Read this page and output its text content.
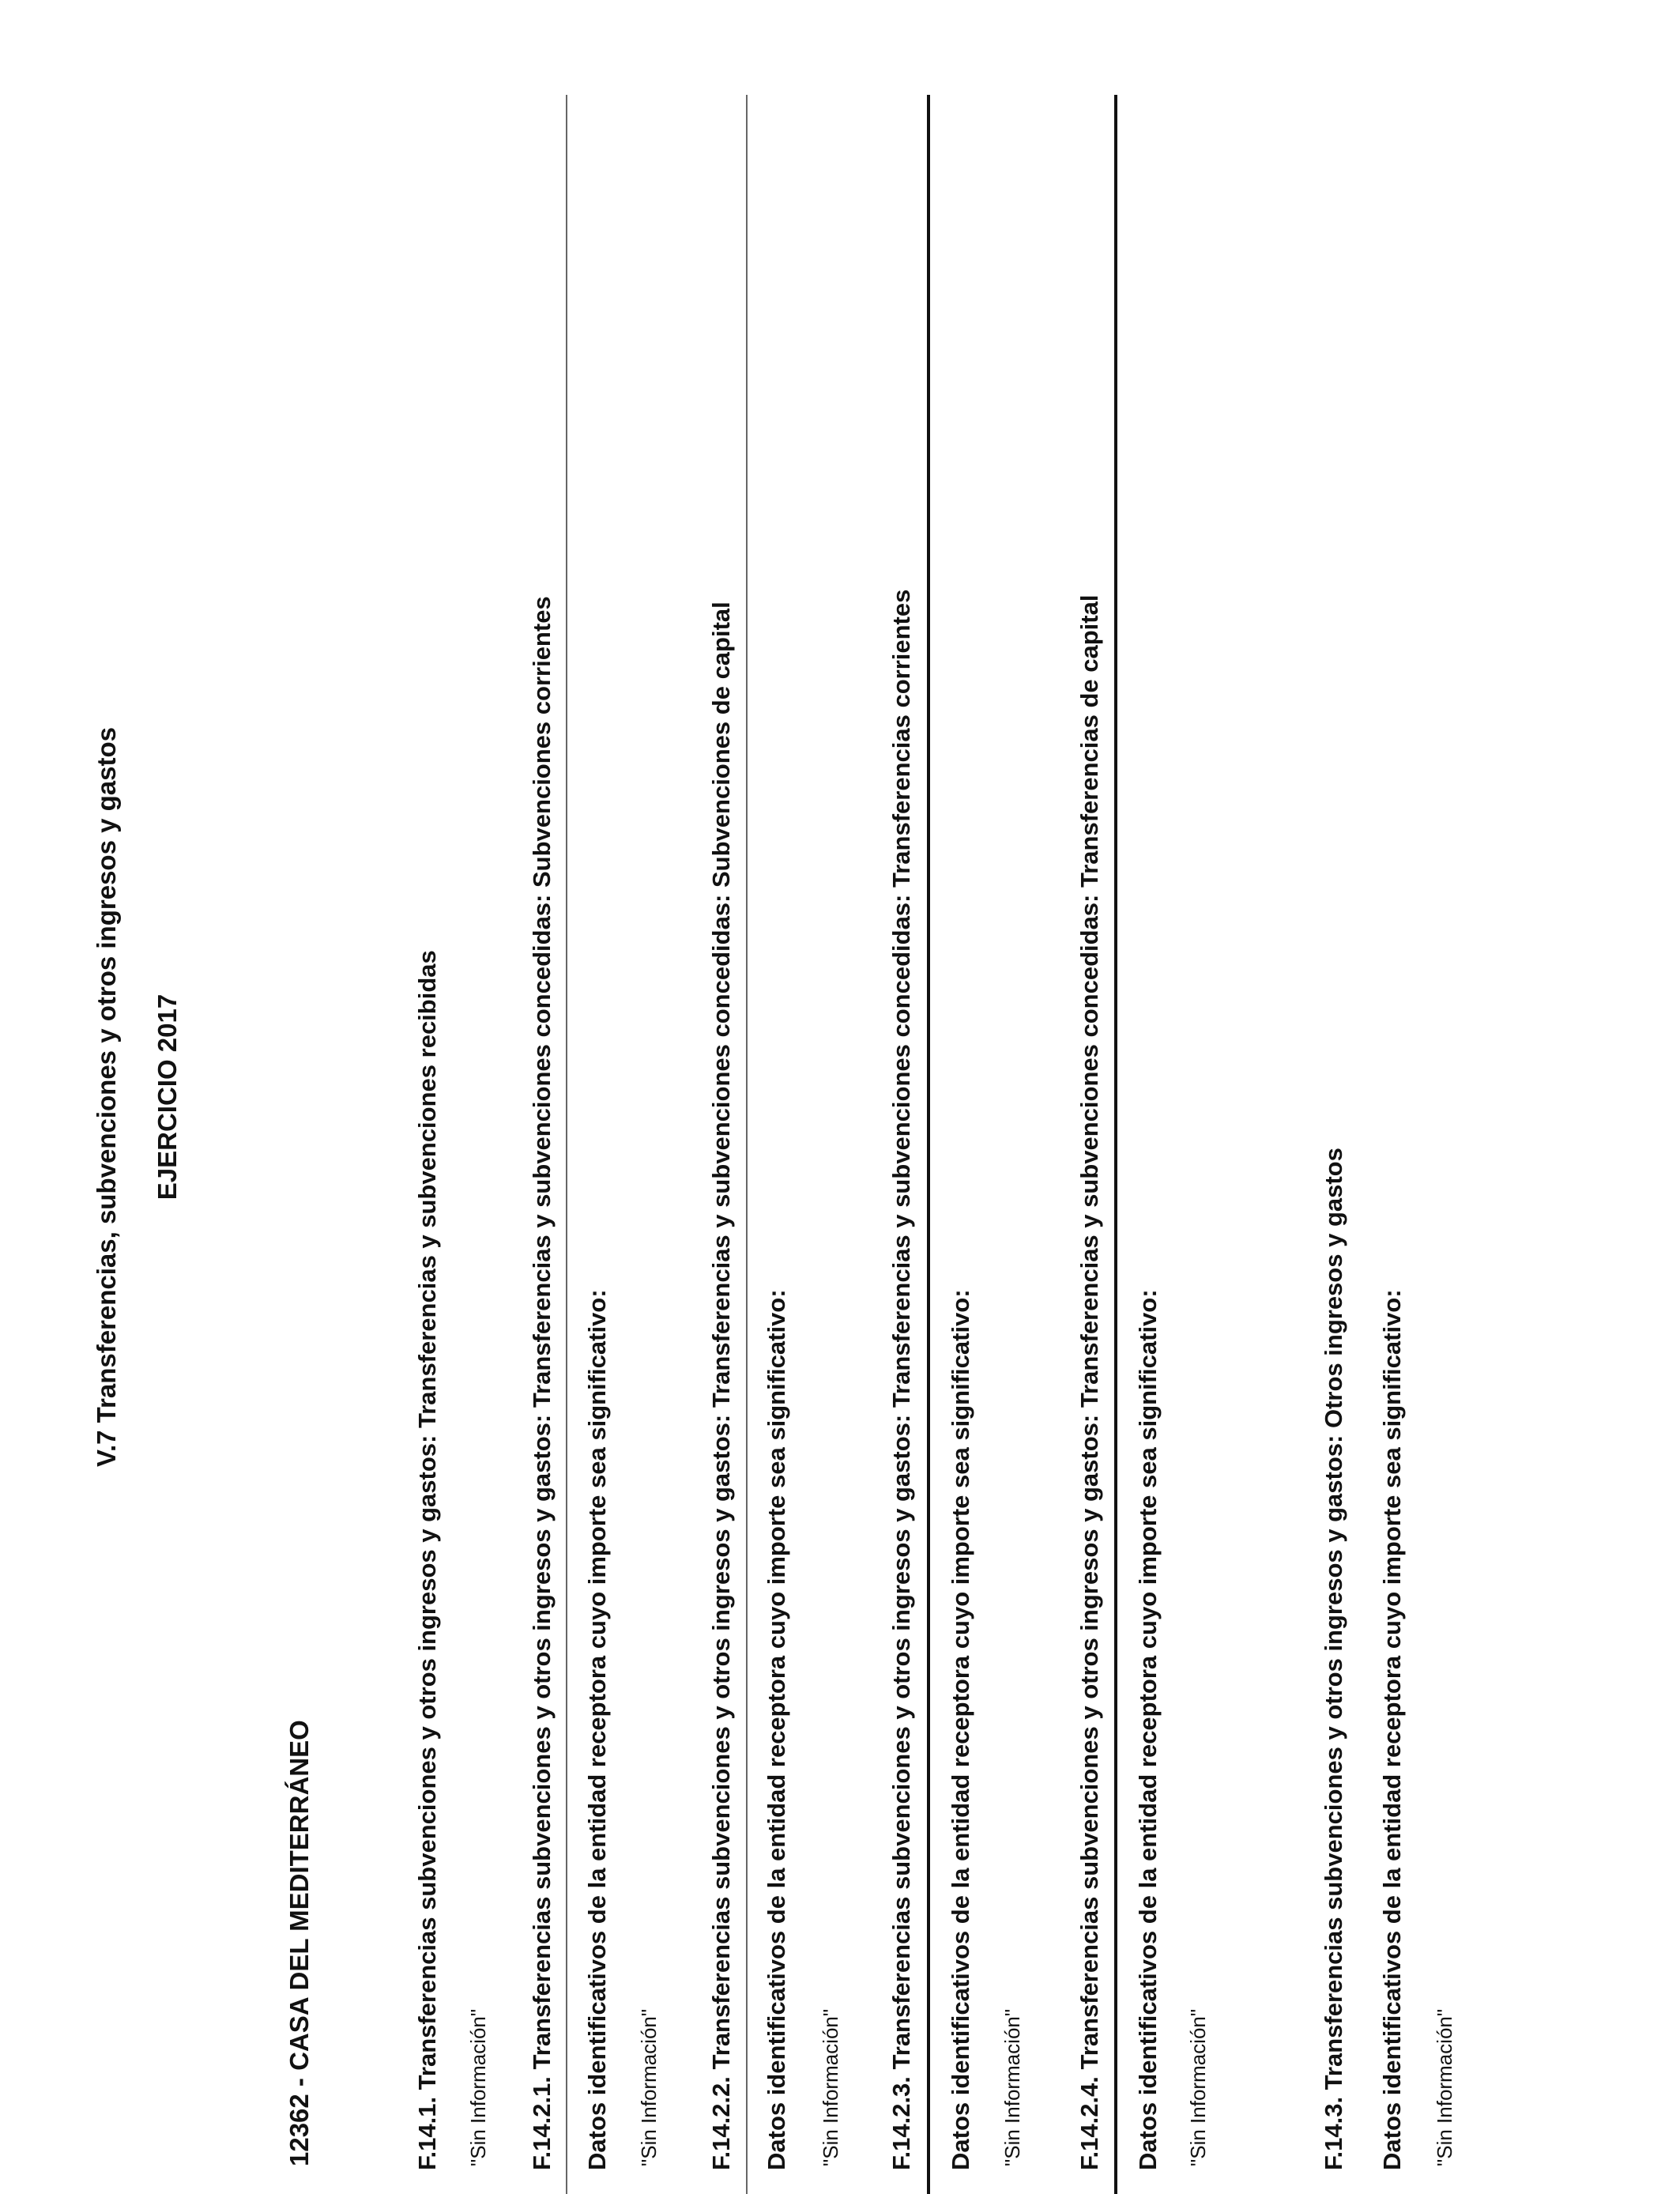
V.7 Transferencias, subvenciones y otros ingresos y gastos EJERCICIO 2017
12362 - CASA DEL MEDITERRÁNEO	F.14.1. Transferencias subvenciones y otros ingresos y gastos: Transferencias y subvenciones recibidas "Sin Información" F.14.2.1. Transferencias subvenciones y otros ingresos y gastos: Transferencias y subvenciones concedidas: Subvenciones corrientes Datos identificativos de la entidad receptora cuyo importe sea significativo: "Sin Información" F.14.2.2. Transferencias subvenciones y otros ingresos y gastos: Transferencias y subvenciones concedidas: Subvenciones de capital Datos identificativos de la entidad receptora cuyo importe sea significativo: "Sin Información" F.14.2.3. Transferencias subvenciones y otros ingresos y gastos: Transferencias y subvenciones concedidas: Transferencias corrientes Datos identificativos de la entidad receptora cuyo importe sea significativo: "Sin Información" F.14.2.4. Transferencias subvenciones y otros ingresos y gastos: Transferencias y subvenciones concedidas: Transferencias de capital Datos identificativos de la entidad receptora cuyo importe sea significativo: "Sin Información"	F.14.3. Transferencias subvenciones y otros ingresos y gastos: Otros ingresos y gastos Datos identificativos de la entidad receptora cuyo importe sea significativo: "Sin Información"
